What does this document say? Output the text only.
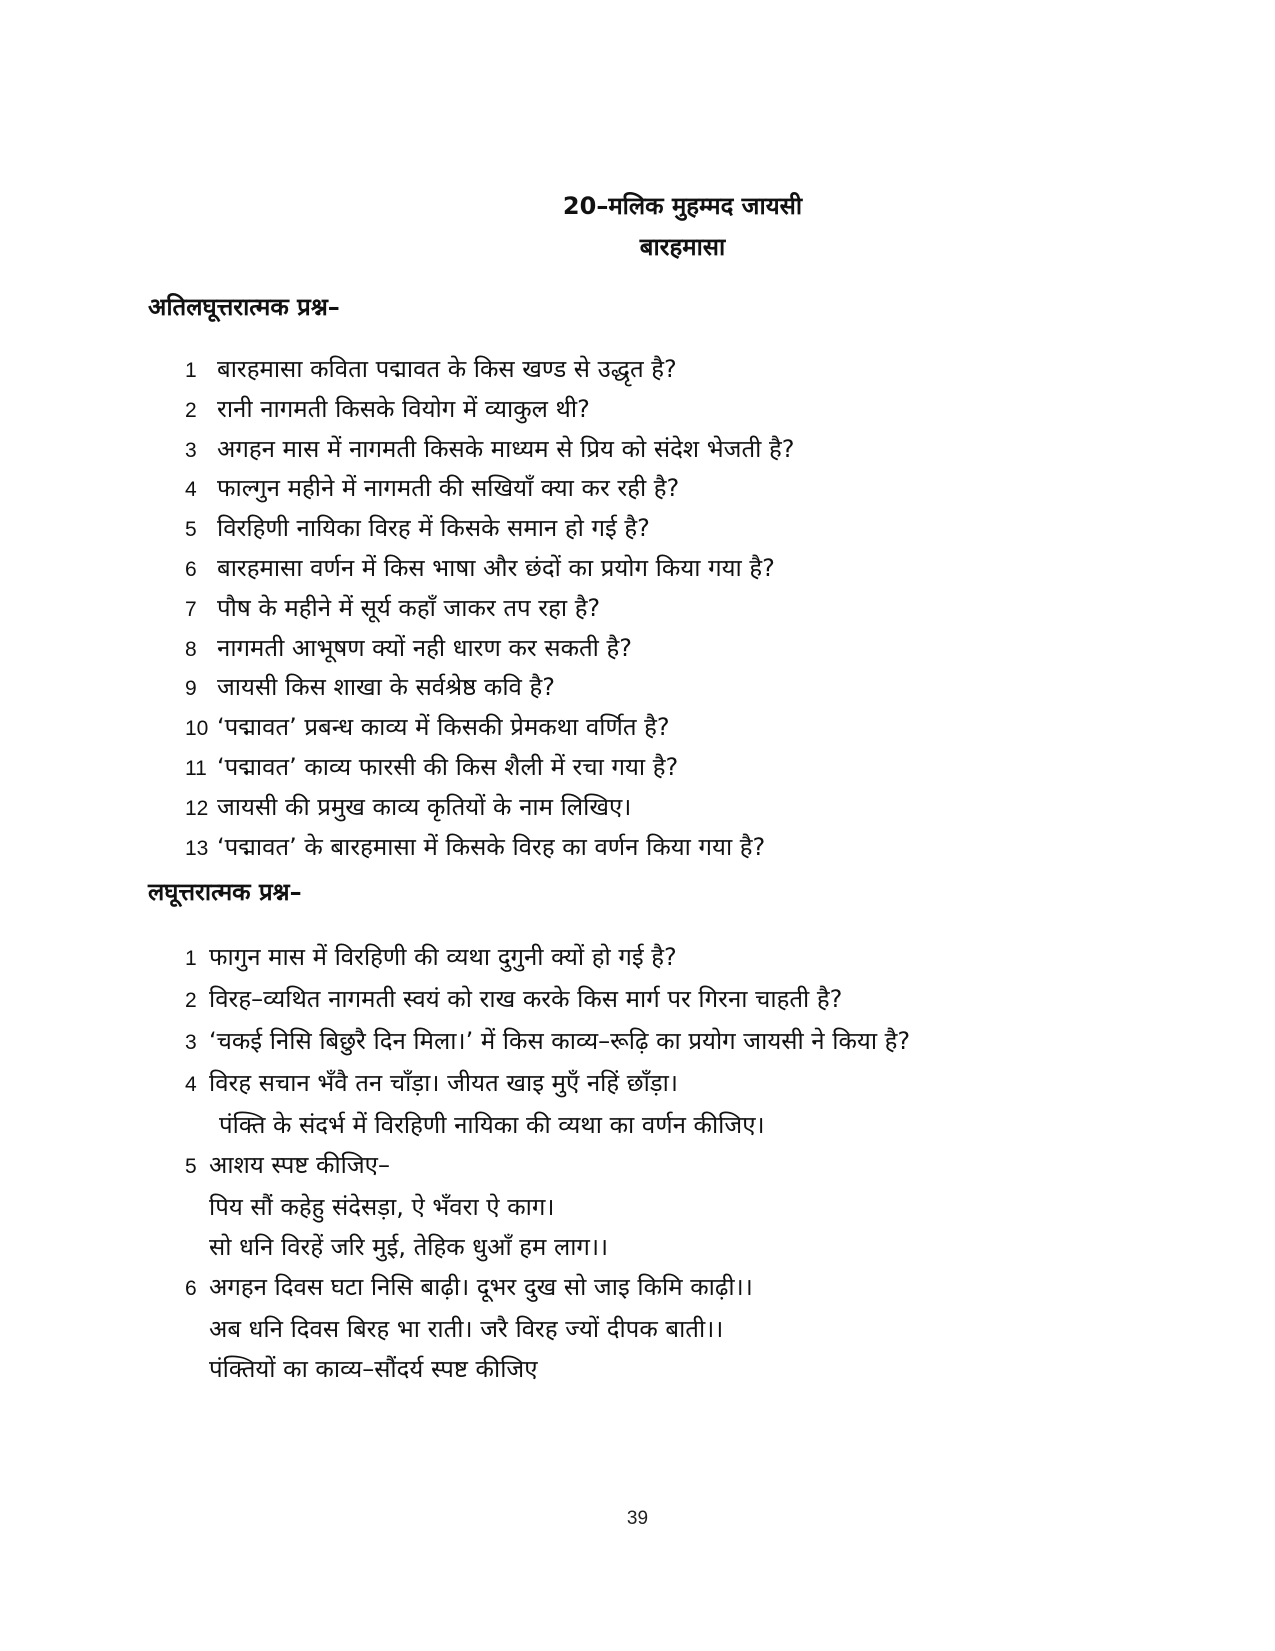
20–मलिक मुहम्मद जायसी
बारहमासा
अतिलघूत्तरात्मक प्रश्न–
1 बारहमासा कविता पद्मावत के किस खण्ड से उद्धृत है?
2 रानी नागमती किसके वियोग में व्याकुल थी?
3 अगहन मास में नागमती किसके माध्यम से प्रिय को संदेश भेजती है?
4 फाल्गुन महीने में नागमती की सखियाँ क्या कर रही है?
5 विरहिणी नायिका विरह में किसके समान हो गई है?
6 बारहमासा वर्णन में किस भाषा और छंदों का प्रयोग किया गया है?
7 पौष के महीने में सूर्य कहाँ जाकर तप रहा है?
8 नागमती आभूषण क्यों नही धारण कर सकती है?
9 जायसी किस शाखा के सर्वश्रेष्ठ कवि है?
10 ‘पद्मावत’ प्रबन्ध काव्य में किसकी प्रेमकथा वर्णित है?
11 ‘पद्मावत’ काव्य फारसी की किस शैली में रचा गया है?
12 जायसी की प्रमुख काव्य कृतियों के नाम लिखिए।
13 ‘पद्मावत’ के बारहमासा में किसके विरह का वर्णन किया गया है?
लघूत्तरात्मक प्रश्न–
1 फागुन मास में विरहिणी की व्यथा दुगुनी क्यों हो गई है?
2 विरह–व्यथित नागमती स्वयं को राख करके किस मार्ग पर गिरना चाहती है?
3 ‘चकई निसि बिछुरै दिन मिला।’ में किस काव्य–रूढ़ि का प्रयोग जायसी ने किया है?
4 विरह सचान भँवै तन चाँड़ा। जीयत खाइ मुएँ नहिं छाँड़ा।
पंक्ति के संदर्भ में विरहिणी नायिका की व्यथा का वर्णन कीजिए।
5 आशय स्पष्ट कीजिए–
पिय सौं कहेहु संदेसड़ा, ऐ भँवरा ऐ काग।
सो धनि विरहें जरि मुई, तेहिक धुआँ हम लाग।।
6 अगहन दिवस घटा निसि बाढ़ी। दूभर दुख सो जाइ किमि काढ़ी।।
अब धनि दिवस बिरह भा राती। जरै विरह ज्यों दीपक बाती।।
पंक्तियों का काव्य–सौंदर्य स्पष्ट कीजिए
39
